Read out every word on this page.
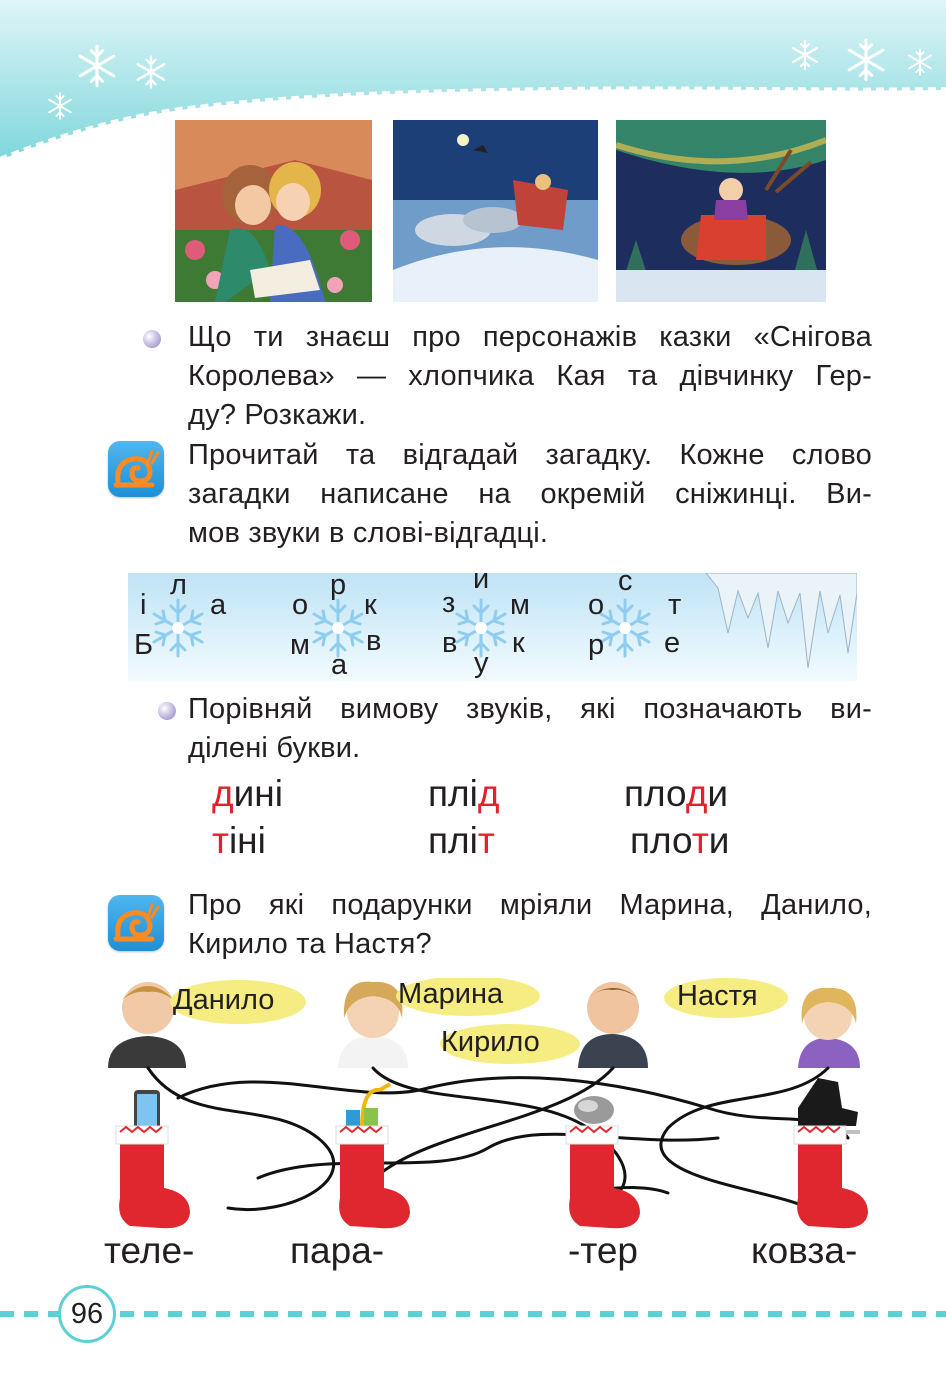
Що ти знаєш про персонажів казки «Снігова
Королева» — хлопчика Кая та дівчинку Гер-
ду? Розкажи.
Прочитай та відгадай загадку. Кожне слово
загадки написане на окремій сніжинці. Ви-
мов звуки в слові-відгадці.
л
і а
Б
р
о к
м в
а
и
з м
в к
у
с
о т
р е
Порівняй вимову звуків, які позначають ви-
ділені букви.
дині	плід	плоди
тіні	пліт	плоти
Про які подарунки мріяли Марина, Данило,
Кирило та Настя?
Данило	Марина
Кирило
Настя
теле-	пара-	-тер	ковза-
96
